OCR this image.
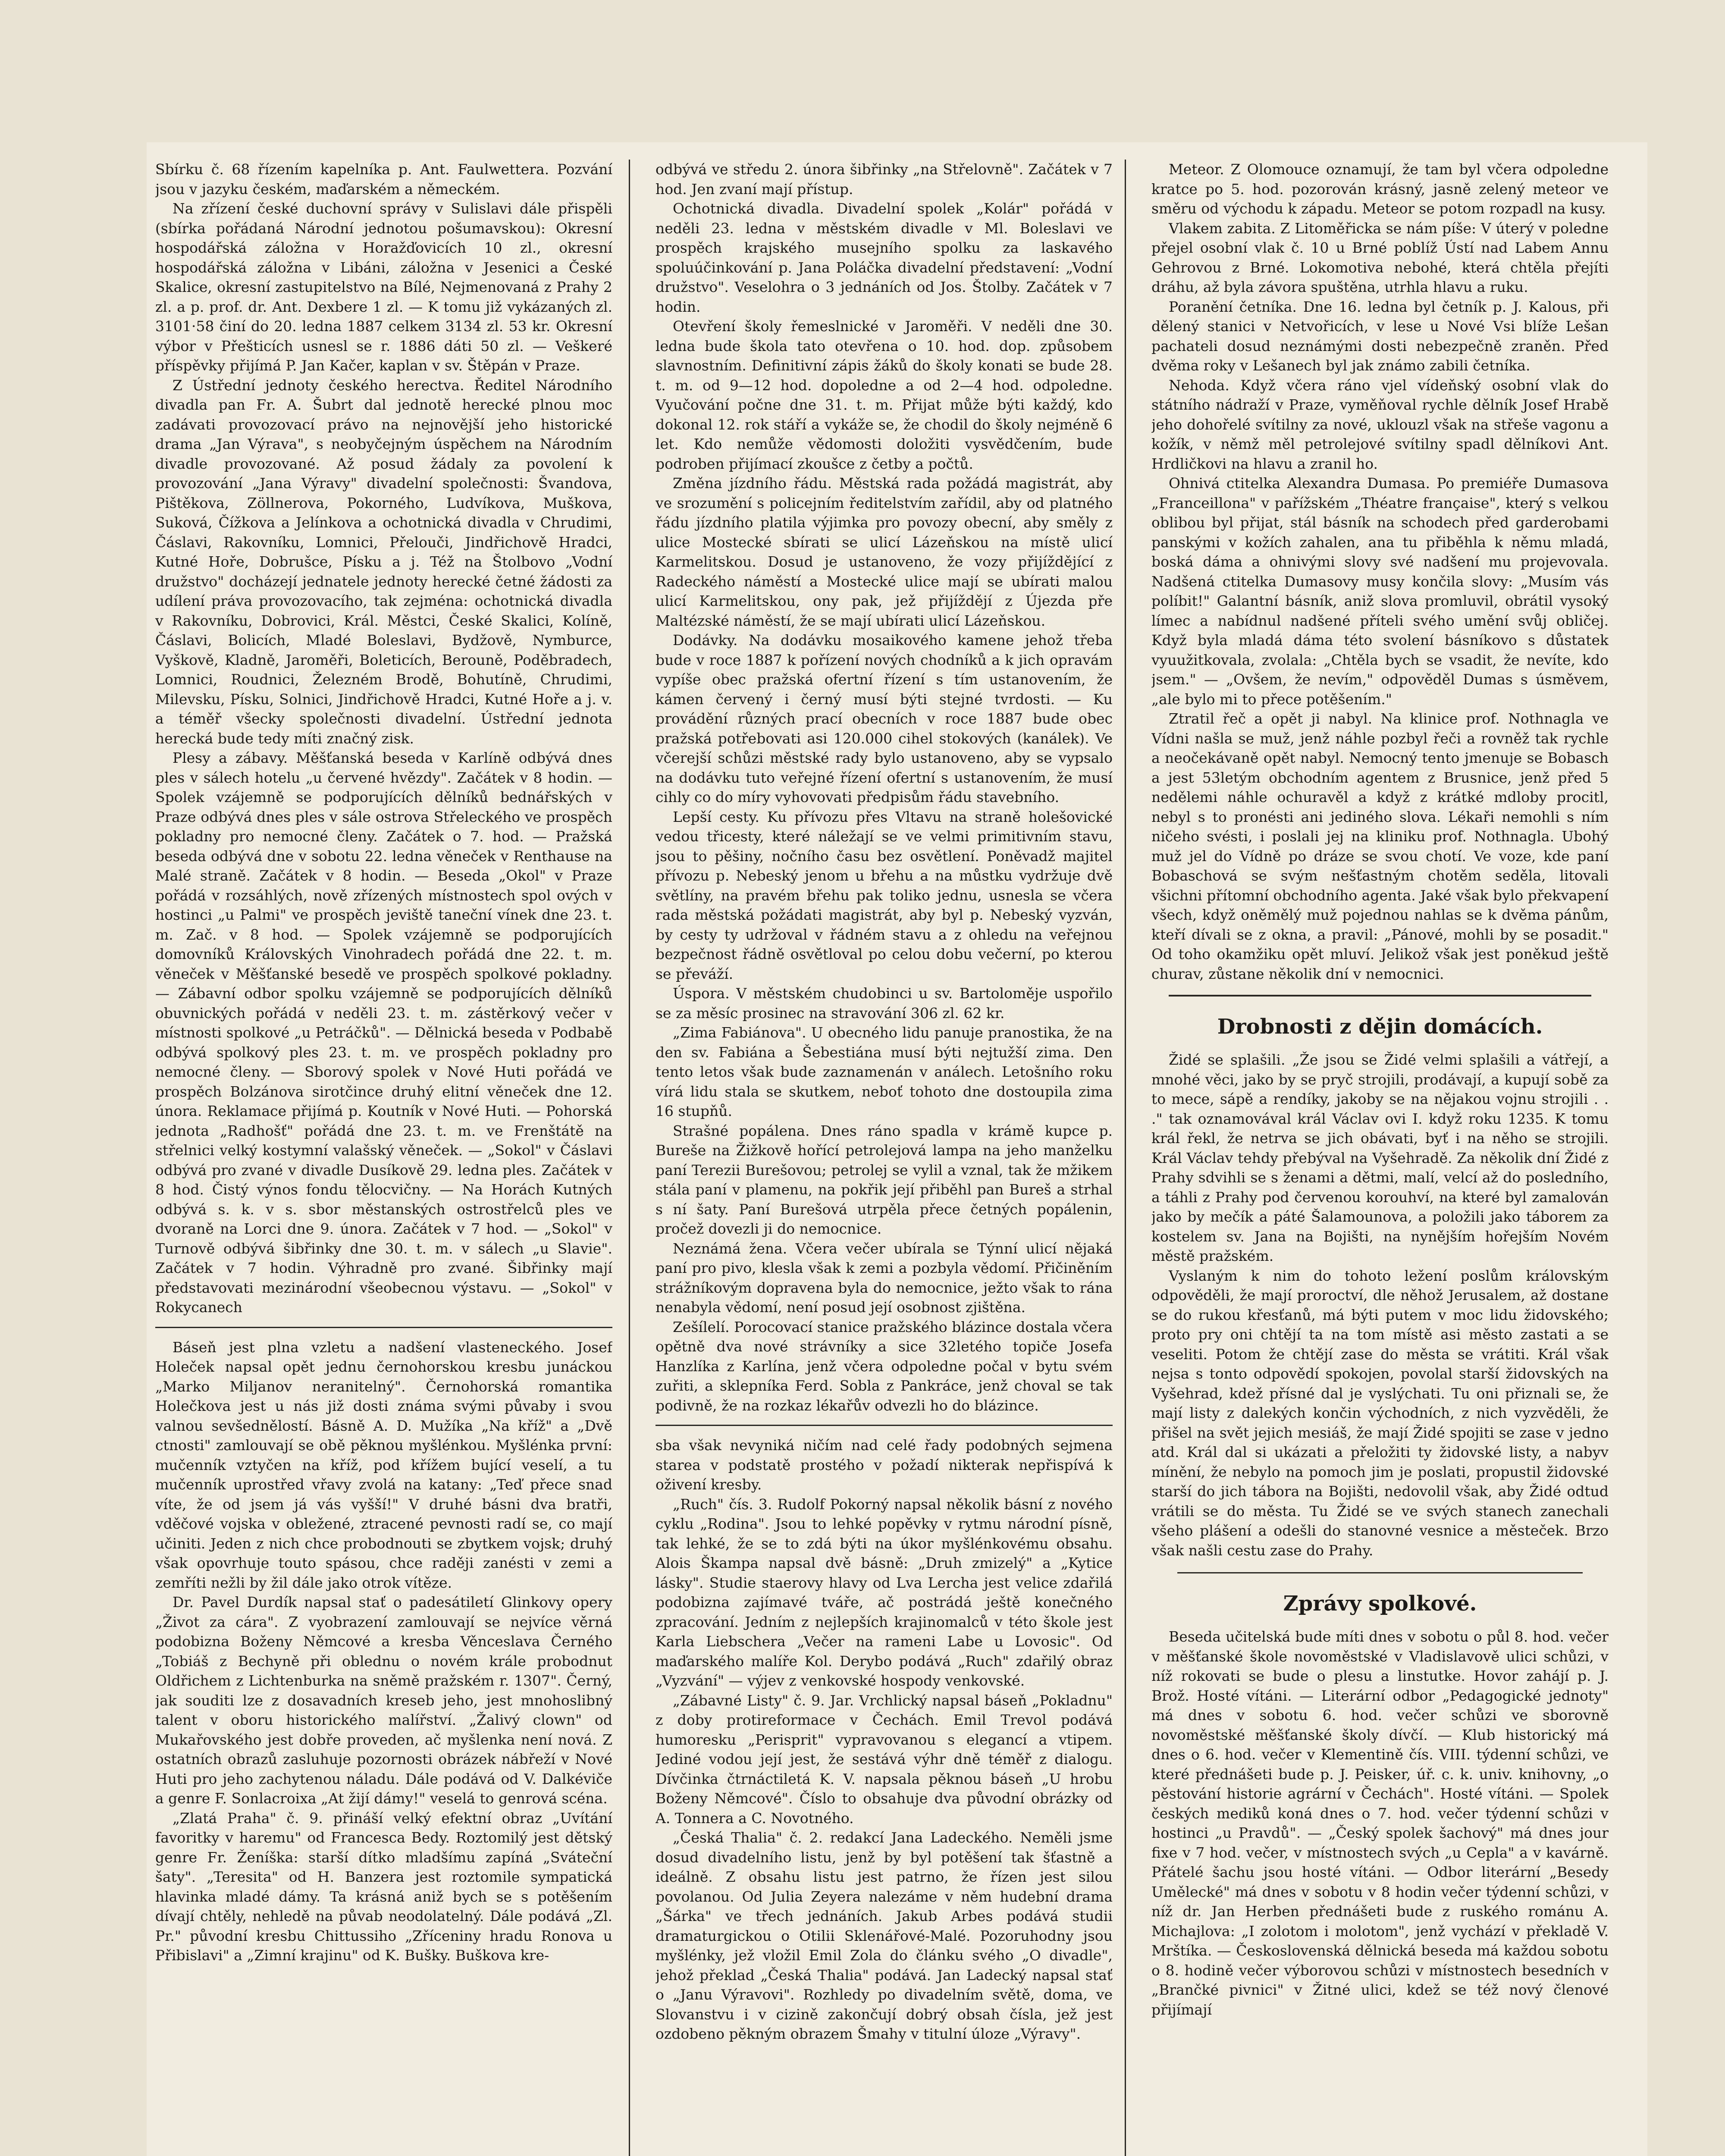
Sbírku č. 68 řízením kapelníka p. Ant. Faulwettera. Pozvání jsou v jazyku českém, maďarském a německém.

Na zřízení české duchovní správy v Sulislavi dále přispěli (sbírka pořádaná Národní jednotou pošumavskou): Okresní hospodářská záložna v Horažďovicích 10 zl., okresní hospodářská záložna v Libáni, záložna v Jesenici a České Skalice, okresní zastupitelstvo na Bílé, Nejmenovaná z Prahy 2 zl. a p. prof. dr. Ant. Dexbere 1 zl. — K tomu již vykázaných zl. 3101·58 činí do 20. ledna 1887 celkem 3134 zl. 53 kr. Okresní výbor v Přešticích usnesl se r. 1886 dáti 50 zl. — Veškeré příspěvky přijímá P. Jan Kačer, kaplan v sv. Štěpán v Praze.

Z Ústřední jednoty českého herectva. Ředitel Národního divadla pan Fr. A. Šubrt dal jednotě herecké plnou moc zadávati provozovací právo na nejnovější jeho historické drama „Jan Výrava", s neobyčejným úspěchem na Národním divadle provozované. Až posud žádaly za povolení k provozování „Jana Výravy" divadelní společnosti: Švandova, Pištěkova, Zöllnerova, Pokorného, Ludvíkova, Muškova, Suková, Čížkova a Jelínkova a ochotnická divadla v Chrudimi, Čáslavi, Rakovníku, Lomnici, Přelouči, Jindřichově Hradci, Kutné Hoře, Dobrušce, Písku a j. Též na Štolbovo „Vodní družstvo" docházejí jednatele jednoty herecké četné žádosti za udílení práva provozovacího, tak zejména: ochotnická divadla v Rakovníku, Dobrovici, Král. Městci, České Skalici, Kolíně, Čáslavi, Bolicích, Mladé Boleslavi, Bydžově, Nymburce, Vyškově, Kladně, Jaroměři, Boleticích, Berouně, Poděbradech, Lomnici, Roudnici, Železném Brodě, Bohutíně, Chrudimi, Milevsku, Písku, Solnici, Jindřichově Hradci, Kutné Hoře a j. v. a téměř všecky společnosti divadelní. Ústřední jednota herecká bude tedy míti značný zisk.

Plesy a zábavy. Měšťanská beseda v Karlíně odbývá dnes ples v sálech hotelu „u červené hvězdy". Začátek v 8 hodin. — Spolek vzájemně se podporujících dělníků bednářských v Praze odbývá dnes ples v sále ostrova Střeleckého ve prospěch pokladny pro nemocné členy. Začátek o 7. hod. — Pražská beseda odbývá dne v sobotu 22. ledna věneček v Renthause na Malé straně. Začátek v 8 hodin. — Beseda „Okol" v Praze pořádá v rozsáhlých, nově zřízených místnostech spol ových v hostinci „u Palmi" ve prospěch jeviště taneční vínek dne 23. t. m. Zač. v 8 hod. — Spolek vzájemně se podporujících domovníků Královských Vinohradech pořádá dne 22. t. m. věneček v Měšťanské besedě ve prospěch spolkové pokladny. — Zábavní odbor spolku vzájemně se podporujících dělníků obuvnických pořádá v neděli 23. t. m. zástěrkový večer v místnosti spolkové „u Petráčků". — Dělnická beseda v Podbabě odbývá spolkový ples 23. t. m. ve prospěch pokladny pro nemocné členy. — Sborový spolek v Nové Huti pořádá ve prospěch Bolzánova sirotčince druhý elitní věneček dne 12. února. Reklamace přijímá p. Koutník v Nové Huti. — Pohorská jednota „Radhošť" pořádá dne 23. t. m. ve Frenštátě na střelnici velký kostymní valašský věneček. — „Sokol" v Čáslavi odbývá pro zvané v divadle Dusíkově 29. ledna ples. Začátek v 8 hod. Čistý výnos fondu tělocvičny. — Na Horách Kutných odbývá s. k. v s. sbor městanských ostrostřelců ples ve dvoraně na Lorci dne 9. února. Začátek v 7 hod. — „Sokol" v Turnově odbývá šibřinky dne 30. t. m. v sálech „u Slavie". Začátek v 7 hodin. Výhradně pro zvané. Šibřinky mají představovati mezinárodní všeobecnou výstavu. — „Sokol" v Rokycanech

Báseň jest plna vzletu a nadšení vlasteneckého. Josef Holeček napsal opět jednu černohorskou kresbu junáckou „Marko Miljanov neranitelný". Černohorská romantika Holečkova jest u nás již dosti známa svými půvaby i svou valnou sevšednělostí. Básně A. D. Mužíka „Na kříž" a „Dvě ctnosti" zamlouvají se obě pěknou myšlénkou. Myšlénka první: mučenník vztyčen na kříž, pod křížem bující veselí, a tu mučenník uprostřed vřavy zvolá na katany: „Teď přece snad víte, že od jsem já vás vyšší!" V druhé básni dva bratři, vděčové vojska v obležené, ztracené pevnosti radí se, co mají učiniti. Jeden z nich chce probodnouti se zbytkem vojsk; druhý však opovrhuje touto spásou, chce raději zanésti v zemi a zemříti nežli by žil dále jako otrok vítěze.

Dr. Pavel Durdík napsal stať o padesátiletí Glinkovy opery „Život za cára". Z vyobrazení zamlouvají se nejvíce věrná podobizna Boženy Němcové a kresba Věnceslava Černého „Tobiáš z Bechyně při oblednu o novém krále probodnut Oldřichem z Lichtenburka na sněmě pražském r. 1307". Černý, jak souditi lze z dosavadních kreseb jeho, jest mnohoslibný talent v oboru historického malířství. „Žalivý clown" od Mukařovského jest dobře proveden, ač myšlenka není nová. Z ostatních obrazů zasluhuje pozornosti obrázek nábřeží v Nové Huti pro jeho zachytenou náladu. Dále podává od V. Dalkéviče a genre F. Sonlacroixa „At žijí dámy!" veselá to genrová scéna.

„Zlatá Praha" č. 9. přináší velký efektní obraz „Uvítání favoritky v haremu" od Francesca Bedy. Roztomilý jest dětský genre Fr. Ženíška: starší dítko mladšímu zapíná „Sváteční šaty". „Teresita" od H. Banzera jest roztomile sympatická hlavinka mladé dámy. Ta krásná aniž bych se s potěšením dívají chtěly, nehledě na půvab neodolatelný. Dále podává „Zl. Pr." původní kresbu Chittussiho „Zříceniny hradu Ronova u Přibislavi" a „Zimní krajinu" od K. Bušky. Buškova kre-

odbývá ve středu 2. února šibřinky „na Střelovně". Začátek v 7 hod. Jen zvaní mají přístup.

Ochotnická divadla. Divadelní spolek „Kolár" pořádá v neděli 23. ledna v městském divadle v Ml. Boleslavi ve prospěch krajského musejního spolku za laskavého spoluúčinkování p. Jana Poláčka divadelní představení: „Vodní družstvo". Veselohra o 3 jednáních od Jos. Štolby. Začátek v 7 hodin.

Otevření školy řemeslnické v Jaroměři. V neděli dne 30. ledna bude škola tato otevřena o 10. hod. dop. způsobem slavnostním. Definitivní zápis žáků do školy konati se bude 28. t. m. od 9—12 hod. dopoledne a od 2—4 hod. odpoledne. Vyučování počne dne 31. t. m. Přijat může býti každý, kdo dokonal 12. rok stáří a vykáže se, že chodil do školy nejméně 6 let. Kdo nemůže vědomosti doložiti vysvědčením, bude podroben přijímací zkoušce z četby a počtů.

Změna jízdního řádu. Městská rada požádá magistrát, aby ve srozumění s policejním ředitelstvím zařídil, aby od platného řádu jízdního platila výjimka pro povozy obecní, aby směly z ulice Mostecké sbírati se ulicí Lázeňskou na místě ulicí Karmelitskou. Dosud je ustanoveno, že vozy přijíždějící z Radeckého náměstí a Mostecké ulice mají se ubírati malou ulicí Karmelitskou, ony pak, jež přijíždějí z Újezda pře Maltézské náměstí, že se mají ubírati ulicí Lázeňskou.

Dodávky. Na dodávku mosaikového kamene jehož třeba bude v roce 1887 k pořízení nových chodníků a k jich opravám vypíše obec pražská ofertní řízení s tím ustanovením, že kámen červený i černý musí býti stejné tvrdosti. — Ku provádění různých prací obecních v roce 1887 bude obec pražská potřebovati asi 120.000 cihel stokových (kanálek). Ve včerejší schůzi městské rady bylo ustanoveno, aby se vypsalo na dodávku tuto veřejné řízení ofertní s ustanovením, že musí cihly co do míry vyhovovati předpisům řádu stavebního.

Lepší cesty. Ku přívozu přes Vltavu na straně holešovické vedou třicesty, které náležají se ve velmi primitivním stavu, jsou to pěšiny, nočního času bez osvětlení. Poněvadž majitel přívozu p. Nebeský jenom u břehu a na můstku vydržuje dvě světlíny, na pravém břehu pak toliko jednu, usnesla se včera rada městská požádati magistrát, aby byl p. Nebeský vyzván, by cesty ty udržoval v řádném stavu a z ohledu na veřejnou bezpečnost řádně osvětloval po celou dobu večerní, po kterou se převáží.

Úspora. V městském chudobinci u sv. Bartoloměje uspořilo se za měsíc prosinec na stravování 306 zl. 62 kr.

„Zima Fabiánova". U obecného lidu panuje pranostika, že na den sv. Fabiána a Šebestiána musí býti nejtužší zima. Den tento letos však bude zaznamenán v análech. Letošního roku vírá lidu stala se skutkem, neboť tohoto dne dostoupila zima 16 stupňů.

Strašné popálena. Dnes ráno spadla v krámě kupce p. Bureše na Žižkově hořící petrolejová lampa na jeho manželku paní Terezii Burešovou; petrolej se vylil a vznal, tak že mžikem stála paní v plamenu, na pokřik její přiběhl pan Bureš a strhal s ní šaty. Paní Burešová utrpěla přece četných popálenin, pročež dovezli ji do nemocnice.

Neznámá žena. Včera večer ubírala se Týnní ulicí nějaká paní pro pivo, klesla však k zemi a pozbyla vědomí. Přičiněním strážníkovým dopravena byla do nemocnice, ježto však to rána nenabyla vědomí, není posud její osobnost zjištěna.

Zešílelí. Porocovací stanice pražského blázince dostala včera opětně dva nové strávníky a sice 32letého topiče Josefa Hanzlíka z Karlína, jenž včera odpoledne počal v bytu svém zuřiti, a sklepníka Ferd. Sobla z Pankráce, jenž choval se tak podivně, že na rozkaz lékařův odvezli ho do blázince.

sba však nevyniká ničím nad celé řady podobných sejmena starea v podstatě prostého v požadí nikterak nepřispívá k oživení kresby.

„Ruch" čís. 3. Rudolf Pokorný napsal několik básní z nového cyklu „Rodina". Jsou to lehké popěvky v rytmu národní písně, tak lehké, že se to zdá býti na úkor myšlénkovému obsahu. Alois Škampa napsal dvě básně: „Druh zmizelý" a „Kytice lásky". Studie staerovy hlavy od Lva Lercha jest velice zdařilá podobizna zajímavé tváře, ač postrádá ještě konečného zpracování. Jedním z nejlepších krajinomalců v této škole jest Karla Liebschera „Večer na rameni Labe u Lovosic". Od maďarského malíře Kol. Derybo podává „Ruch" zdařilý obraz „Vyzvání" — výjev z venkovské hospody venkovské.

„Zábavné Listy" č. 9. Jar. Vrchlický napsal báseň „Pokladnu" z doby protireformace v Čechách. Emil Trevol podává humoresku „Perisprit" vypravovanou s elegancí a vtipem. Jediné vodou její jest, že sestává výhr dně téměř z dialogu. Dívčinka čtrnáctiletá K. V. napsala pěknou báseň „U hrobu Boženy Němcové". Číslo to obsahuje dva původní obrázky od A. Tonnera a C. Novotného.

„Česká Thalia" č. 2. redakcí Jana Ladeckého. Neměli jsme dosud divadelního listu, jenž by byl potěšení tak šťastně a ideálně. Z obsahu listu jest patrno, že řízen jest silou povolanou. Od Julia Zeyera nalezáme v něm hudební drama „Šárka" ve třech jednáních. Jakub Arbes podává studii dramaturgickou o Otilii Sklenářové-Malé. Pozoruhodny jsou myšlénky, jež vložil Emil Zola do článku svého „O divadle", jehož překlad „Česká Thalia" podává. Jan Ladecký napsal stať o „Janu Výravovi". Rozhledy po divadelním světě, doma, ve Slovanstvu i v cizině zakončují dobrý obsah čísla, jež jest ozdobeno pěkným obrazem Šmahy v titulní úloze „Výravy".

Meteor. Z Olomouce oznamují, že tam byl včera odpoledne kratce po 5. hod. pozorován krásný, jasně zelený meteor ve směru od východu k západu. Meteor se potom rozpadl na kusy.

Vlakem zabita. Z Litoměřicka se nám píše: V úterý v poledne přejel osobní vlak č. 10 u Brné poblíž Ústí nad Labem Annu Gehrovou z Brné. Lokomotiva nebohé, která chtěla přejíti dráhu, až byla závora spuštěna, utrhla hlavu a ruku.

Poranění četníka. Dne 16. ledna byl četník p. J. Kalous, při dělený stanici v Netvořicích, v lese u Nové Vsi blíže Lešan pachateli dosud neznámými dosti nebezpečně zraněn. Před dvěma roky v Lešanech byl jak známo zabili četníka.

Nehoda. Když včera ráno vjel vídeňský osobní vlak do státního nádraží v Praze, vyměňoval rychle dělník Josef Hrabě jeho dohořelé svítilny za nové, uklouzl však na střeše vagonu a kožík, v němž měl petrolejové svítilny spadl dělníkovi Ant. Hrdličkovi na hlavu a zranil ho.

Ohnivá ctitelka Alexandra Dumasa. Po premiéře Dumasova „Franceillona" v pařížském „Théatre française", který s velkou oblibou byl přijat, stál básník na schodech před garderobami panskými v kožích zahalen, ana tu přiběhla k němu mladá, boská dáma a ohnivými slovy své nadšení mu projevovala. Nadšená ctitelka Dumasovy musy končila slovy: „Musím vás políbit!" Galantní básník, aniž slova promluvil, obrátil vysoký límec a nabídnul nadšené příteli svého umění svůj obličej. Když byla mladá dáma této svolení básníkovo s důstatek vyuužitkovala, zvolala: „Chtěla bych se vsadit, že nevíte, kdo jsem." — „Ovšem, že nevím," odpověděl Dumas s úsměvem, „ale bylo mi to přece potěšením."

Ztratil řeč a opět ji nabyl. Na klinice prof. Nothnagla ve Vídni našla se muž, jenž náhle pozbyl řeči a rovněž tak rychle a neočekávaně opět nabyl. Nemocný tento jmenuje se Bobasch a jest 53letým obchodním agentem z Brusnice, jenž před 5 nedělemi náhle ochuravěl a když z krátké mdloby procitl, nebyl s to pronésti ani jediného slova. Lékaři nemohli s ním ničeho svésti, i poslali jej na kliniku prof. Nothnagla. Ubohý muž jel do Vídně po dráze se svou chotí. Ve voze, kde paní Bobaschová se svým nešťastným chotěm seděla, litovali všichni přítomní obchodního agenta. Jaké však bylo překvapení všech, když oněmělý muž pojednou nahlas se k dvěma pánům, kteří dívali se z okna, a pravil: „Pánové, mohli by se posadit." Od toho okamžiku opět mluví. Jelikož však jest poněkud ještě churav, zůstane několik dní v nemocnici.

Drobnosti z dějin domácích.

Židé se splašili. „Že jsou se Židé velmi splašili a vátřejí, a mnohé věci, jako by se pryč strojili, prodávají, a kupují sobě za to mece, sápě a rendíky, jakoby se na nějakou vojnu strojili . . ." tak oznamovával král Václav ovi I. když roku 1235. K tomu král řekl, že netrva se jich obávati, byť i na něho se strojili. Král Václav tehdy přebýval na Vyšehradě. Za několik dní Židé z Prahy sdvihli se s ženami a dětmi, malí, velcí až do posledního, a táhli z Prahy pod červenou korouhví, na které byl zamalován jako by mečík a páté Šalamounova, a položili jako táborem za kostelem sv. Jana na Bojišti, na nynějším hořejším Novém městě pražském.

Vyslaným k nim do tohoto ležení poslům královským odpověděli, že mají proroctví, dle něhož Jerusalem, až dostane se do rukou křesťanů, má býti putem v moc lidu židovského; proto pry oni chtějí ta na tom místě asi město zastati a se veseliti. Potom že chtějí zase do města se vrátiti. Král však nejsa s tonto odpovědí spokojen, povolal starší židovských na Vyšehrad, kdež přísné dal je vyslýchati. Tu oni přiznali se, že mají listy z dalekých končin východních, z nich vyzvěděli, že přišel na svět jejich mesiáš, že mají Židé spojiti se zase v jedno atd. Král dal si ukázati a přeložiti ty židovské listy, a nabyv mínění, že nebylo na pomoch jim je poslati, propustil židovské starší do jich tábora na Bojišti, nedovolil však, aby Židé odtud vrátili se do města. Tu Židé se ve svých stanech zanechali všeho plášení a odešli do stanovné vesnice a městeček. Brzo však našli cestu zase do Prahy.

Zprávy spolkové.

Beseda učitelská bude míti dnes v sobotu o půl 8. hod. večer v měšťanské škole novoměstské v Vladislavově ulici schůzi, v níž rokovati se bude o plesu a linstutke. Hovor zahájí p. J. Brož. Hosté vítáni. — Literární odbor „Pedagogické jednoty" má dnes v sobotu 6. hod. večer schůzi ve sborovně novoměstské měšťanské školy dívčí. — Klub historický má dnes o 6. hod. večer v Klementině čís. VIII. týdenní schůzi, ve které přednášeti bude p. J. Peisker, úř. c. k. univ. knihovny, „o pěstování historie agrární v Čechách". Hosté vítáni. — Spolek českých mediků koná dnes o 7. hod. večer týdenní schůzi v hostinci „u Pravdů". — „Český spolek šachový" má dnes jour fixe v 7 hod. večer, v místnostech svých „u Cepla" a v kavárně. Přátelé šachu jsou hosté vítáni. — Odbor literární „Besedy Umělecké" má dnes v sobotu v 8 hodin večer týdenní schůzi, v níž dr. Jan Herben přednášeti bude z ruského románu A. Michajlova: „I zolotom i molotom", jenž vychází v překladě V. Mrštíka. — Československá dělnická beseda má každou sobotu o 8. hodině večer výborovou schůzi v místnostech besedních v „Brančké pivnici" v Žitné ulici, kdež se též nový členové přijímají
